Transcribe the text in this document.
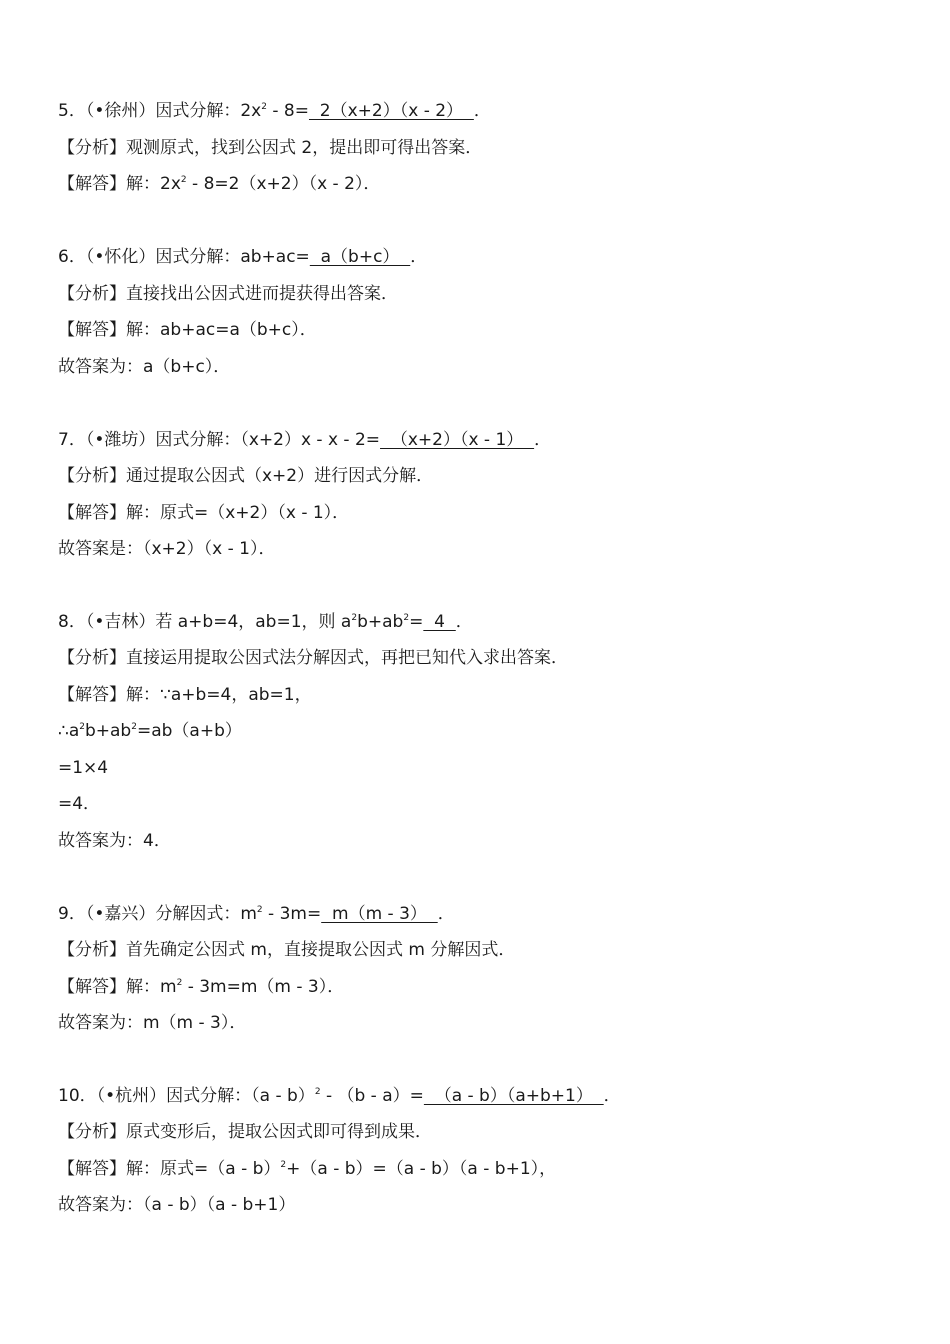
5．（•徐州）因式分解：$2x^2 - 8= 2(x+2)(x - 2)$  ．
【分析】观测原式，找到公因式 2，提出即可得出答案．
【解答】解：$2x^2 - 8=2(x+2)(x - 2)$．
6．（•怀化）因式分解：ab+ac=  a（b+c）  ．
【分析】直接找出公因式进而提获得出答案．
【解答】解：ab+ac=a（b+c）．
故答案为：a（b+c）．
7．（•潍坊）因式分解：（x+2）x - x - 2=  （x+2）（x - 1）  ．
【分析】通过提取公因式（x+2）进行因式分解．
【解答】解：原式=（x+2）（x - 1）．
故答案是：（x+2）（x - 1）．
8．（•吉林）若 a+b=4，ab=1，则 $a^2b+ab^2= 4$  ．
【分析】直接运用提取公因式法分解因式，再把已知代入求出答案．
【解答】解：∵a+b=4，ab=1，
$\therefore a^2b+ab^2=ab(a+b)$
=1×4
=4．
故答案为：4．
9．（•嘉兴）分解因式：$m^2 - 3m= m(m - 3)$  ．
【分析】首先确定公因式 m，直接提取公因式 m 分解因式．
【解答】解：$m^2 - 3m=m(m - 3)$．
故答案为：m（m - 3）．
10．（•杭州）因式分解：（a - b）$^2$ - （b - a）=  （a - b）（a+b+1）  ．
【分析】原式变形后，提取公因式即可得到成果．
【解答】解：原式=（a - b）$^2$+（a - b）=（a - b）（a - b+1），
故答案为：（a - b）（a - b+1）
